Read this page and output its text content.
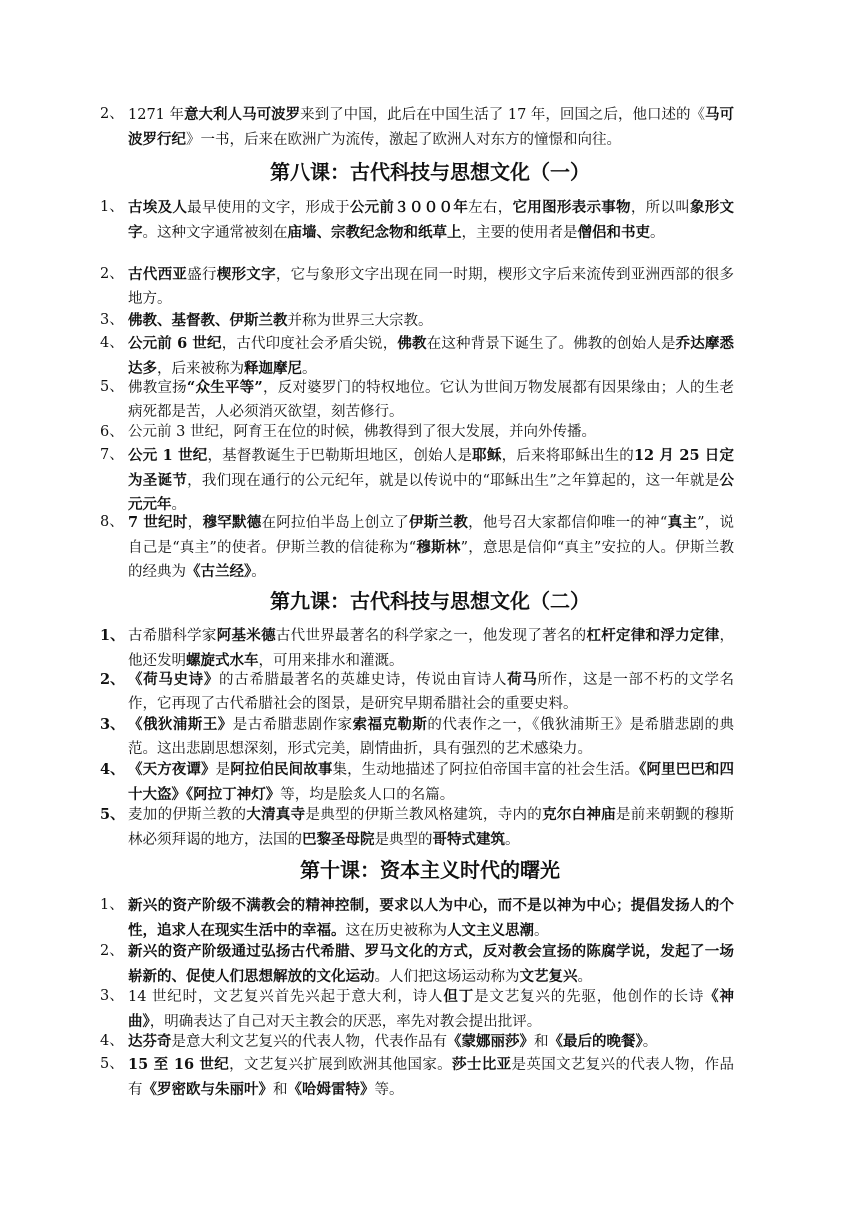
2、 1271 年意大利人马可波罗来到了中国，此后在中国生活了 17 年，回国之后，他口述的《马可波罗行纪》一书，后来在欧洲广为流传，激起了欧洲人对东方的憧憬和向往。
第八课：古代科技与思想文化（一）
1、 古埃及人最早使用的文字，形成于公元前３０００年左右，它用图形表示事物，所以叫象形文字。这种文字通常被刻在庙墙、宗教纪念物和纸草上，主要的使用者是僧侣和书吏。
2、 古代西亚盛行楔形文字，它与象形文字出现在同一时期，楔形文字后来流传到亚洲西部的很多地方。
3、 佛教、基督教、伊斯兰教并称为世界三大宗教。
4、 公元前 6 世纪，古代印度社会矛盾尖锐，佛教在这种背景下诞生了。佛教的创始人是乔达摩悉达多，后来被称为释迦摩尼。
5、 佛教宣扬“众生平等”，反对婆罗门的特权地位。它认为世间万物发展都有因果缘由；人的生老病死都是苦，人必须消灭欲望，刻苦修行。
6、 公元前 3 世纪，阿育王在位的时候，佛教得到了很大发展，并向外传播。
7、 公元 1 世纪，基督教诞生于巴勒斯坦地区，创始人是耶稣，后来将耶稣出生的12 月 25 日定为圣诞节，我们现在通行的公元纪年，就是以传说中的“耶稣出生”之年算起的，这一年就是公元元年。
8、 7 世纪时，穆罕默德在阿拉伯半岛上创立了伊斯兰教，他号召大家都信仰唯一的神“真主”，说自己是“真主”的使者。伊斯兰教的信徒称为“穆斯林”，意思是信仰“真主”安拉的人。伊斯兰教的经典为《古兰经》。
第九课：古代科技与思想文化（二）
1、 古希腊科学家阿基米德古代世界最著名的科学家之一，他发现了著名的杠杆定律和浮力定律，他还发明螺旋式水车，可用来排水和灌溉。
2、 《荷马史诗》的古希腊最著名的英雄史诗，传说由盲诗人荷马所作，这是一部不朽的文学名作，它再现了古代希腊社会的图景，是研究早期希腊社会的重要史料。
3、 《俄狄浦斯王》是古希腊悲剧作家索福克勒斯的代表作之一，《俄狄浦斯王》是希腊悲剧的典范。这出悲剧思想深刻，形式完美，剧情曲折，具有强烈的艺术感染力。
4、 《天方夜谭》是阿拉伯民间故事集，生动地描述了阿拉伯帝国丰富的社会生活。《阿里巴巴和四十大盗》《阿拉丁神灯》等，均是脍炙人口的名篇。
5、 麦加的伊斯兰教的大清真寺是典型的伊斯兰教风格建筑，寺内的克尔白神庙是前来朝觐的穆斯林必须拜谒的地方，法国的巴黎圣母院是典型的哥特式建筑。
第十课：资本主义时代的曙光
1、 新兴的资产阶级不满教会的精神控制，要求以人为中心，而不是以神为中心；提倡发扬人的个性，追求人在现实生活中的幸福。这在历史被称为人文主义思潮。
2、 新兴的资产阶级通过弘扬古代希腊、罗马文化的方式，反对教会宣扬的陈腐学说，发起了一场崭新的、促使人们思想解放的文化运动。人们把这场运动称为文艺复兴。
3、 14 世纪时，文艺复兴首先兴起于意大利，诗人但丁是文艺复兴的先驱，他创作的长诗《神曲》，明确表达了自己对天主教会的厌恶，率先对教会提出批评。
4、 达芬奇是意大利文艺复兴的代表人物，代表作品有《蒙娜丽莎》和《最后的晚餐》。
5、 15 至 16 世纪，文艺复兴扩展到欧洲其他国家。莎士比亚是英国文艺复兴的代表人物，作品有《罗密欧与朱丽叶》和《哈姆雷特》等。
